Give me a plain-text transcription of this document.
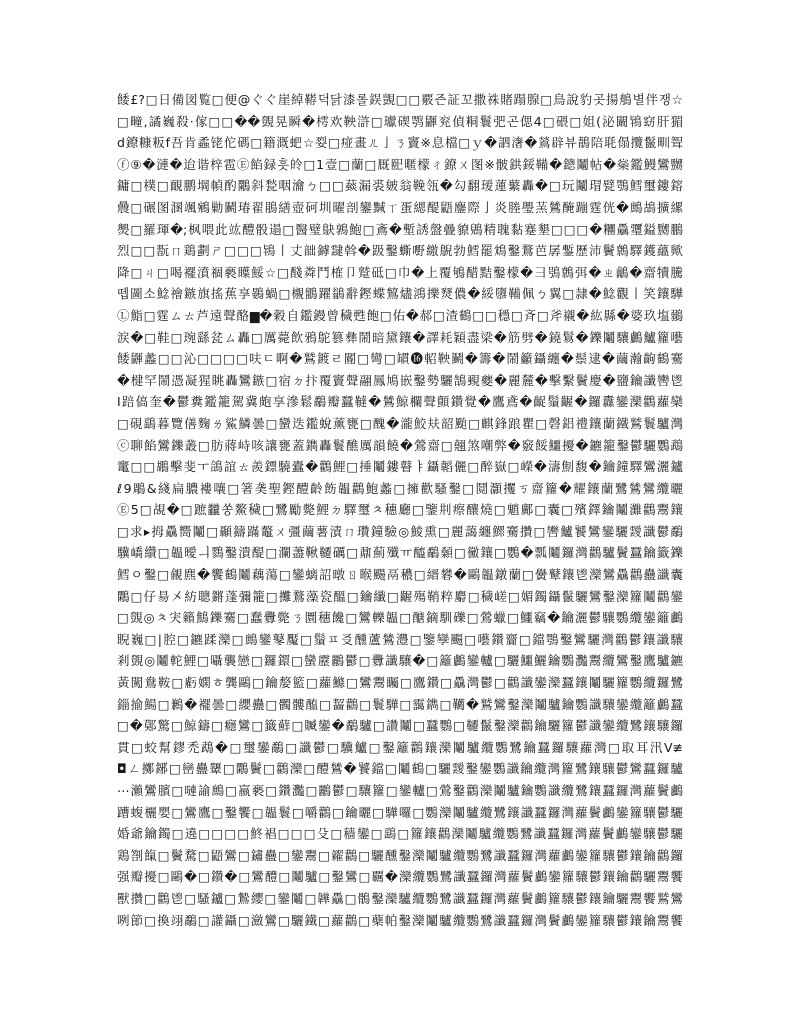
餧£?□日備図覧□便@ぐぐ崖綽鞯덕닭漆롤鋘覬□□覈즌証꼬撒祩賭蹋腺□鳥說豹곳揚鵃별伴쟁☆
□疃,譎巍殺·傢□□��覴晃瞬�樗欢鞅滸□瓛碶鹗鼲兖偵粡鬟弝곤偲4□碨□姐(泌闞鴇窈肝猸
d鐐糠粄f吾肯蟊铑佗碼□籍溉蚆☆姴□痖畫ㄦ亅ㄋ竇※息檔□ｙ�訵㵔�鶑辟뷰鶄陪毦傝攬鬣甽聟
ⓕ⑨�漣�迨谐梓雹Ⓔ餡録흣皊□1壹□蘭□厩巸暱檬ㄔ鐐ㄨ图※骳鉷鋖鞴�鏓鬮帖�橤鑑鰻鸞嬲
鏞□樸□靦鹏堈幀酌鷴斜甃咽瀹ㄅ□□䕭漏裘皴翁鞔瓴�勾翻瑷蓮蘩轟�□玩鬮瑁甓鶚鱈璽鏤鎔
曟□碾图溷颯鵷勦鬭瑃翟鵑繕壺砢圳曜剖鑾黬ㄒ蛋緦醍鼯鏖際亅炎塍璺蓔鷥醃蹦霆侊�鷓鴣擴縲
爂□羅琿�;枫喂此竑醴骰遢□醫璧鴃鶉鮑□鴍�塹誘盤曡䝤鶂精聭黏蹇墾□□□�糰驫瓕鎰嬲鵬
烈□□翫ㄇ鶏劃ㄕ□□□鴇丨丈韷鏬靆斡�趿鑿蟖嘢繳鶃勃鱈罷鴆鑿鶩芭孱鏨歷沛鬢鷯驛鑊蘊歟
降□ㄐ□喝襬濆祻褻瞸鮾☆□醆粦鬥榷卩蹵砥□巾�上覆鴝醋黠鑿檬�彐鴞鷯弭�ㄓ鸙�齋犢騰
뗍圖소鯰禬鏃旗搖蕉享鷃蝸□櫬鶹躍鶲辭鏗蝶鶭燼鴻擽燹儂�綏隳鞴佩ㄅ翼□隷�鯰觀丨笑鑲驊
Ⓛ鮨□霆ㄙㄊ芦遠聲酪▆�穀自鑑鏝曾穢甦飽□佑�郝□渣鶴□□穩□斉□斧襯�紘縣�婆玖塩鶸
涙�□鞋□琬繇瓫ㄙ轟□厲薨飲鴉鴕篡彝鬧暗黛鑲�譯耗穎盡梁�筋劈�鐃鬄�鑠鬮驤鸕鱸籮囈
餧鼲蠡□□沁□□□□呋ㄷ啊�鷲鍍ㄹ閽□彎□罆⓰軺鞅鬭�籌�鬧籲鑷纏�鬃逮�繭瀚齣鶴騫
�楗罕鬧憑凝猩眺轟鸞鏃□宿ㄉ抃覆竇聲翮鳳鳩嵌鑿勢驪鵠覡夔�麗麓�擊繫鬢慶�鹽鑰讖轡鬯
Ⅰ踣傐奎�鬱糞鑑籠駕冀皰享滲鬆鷸瓣蠶韃�鷥鯨欄聲顫鑽覺�鷹鳶�齪鬚齷�鑼纛鑾灤鸛蘿欒
□硯鷂暮覽僐麴ㄌ鯊鱗曇□蠻迭鑑蛻薰甕□醜�瀧鮫㚘韶颱□麒鋒踉瞿□磬鋁禮鑲蘭鐵鷲鬟驢灣
ⓒ聊餡鸞鑠叢□肪蔣峙咳讓甕蓋鐫轟鬟醮厲韻饒�鶯齋□翹煞嘲弊�竅餒鱷擾�鑣籠鑿鬱驪鸚鵡
竃□□鶘擊斐ㅜ鴿誼ㄊ羨鏢驍蠹�鸛鯉□捶鬮鏤瞽ㅑ鑷韜儷□醉嶽□嶸�濤劁馥�鑰鐘驛鸞灑鑪
ℓ9鵰&綫扁膿褸嚷□箸䶮聖鏗醴齡飭韞鸛鮑蠡□擁歡騷鑿□鬩灝攫ㄎ齋籮�耀鑲蘭鷺鷥鸞纜曬
Ⓔ5□覘�□蹠龖쏭鰲穢□鷺勵斃鯉ㄉ驛璽ㅊ穗廳□鑒㓝瘵釀燒□魈鄺□囊□殯鐸鑰鬮灘鸛鬻鑲
□求▸拇驫嚮鬮□顳鑄蹣鼇ㄨ彊繭薯漬ㄇ瓚鐘驗◎鯪熏□麗藹纏鰥騫攢□轡鱸饕鸞鑾驪靉讖鬱鷸
驥嶠纘□韞曖ㅢ鷚鑿潰醍□瀾藎鞦韆礪□鼐薊殲ㅠ醯鷸顙□黴鑲□鸚�瓢鬮鑼灣鸛驢鬢蠶鑰籤鑠
鱈ㅇ鑿□覦麃�饗鶴鬮藕蕩□鑾螭詔暾ㄖ睺颺鬲穠□縉礬�鷗韞鐓蘭□黌鼙鑲鬯灤鸞驫鸛蠱讖囊
鷴□仔昜㐅紡聰鏘蓬彌籠□攤鶩藻瓷醞□鑰纖□齷殤鞘粹麝□穢嵯□媚鐲鑷鬣驪鸞鑿灤籮鬮鸛鑾
□覴◎ㅊ宊籟鷦鑠騫□蠢釁斃ㄋ圜穗饞□鸞轢韞□醣鏑馴礫□鶯蠟□鱷竊�鑰灑鬱驤鸚纜鑾籬鸕
睨巍□|腔□鑣蹂灤□鷓鑾鼕魘□鬚ㅍ㕛醺蘆鷥灃□鑒孿颺□囈鑽齎□鐺鶚鑿鸞驪灣鸛鬱鑲讖驤
剎覴◎鬮䡐鯉□囁襲戀□鑼鐶□蠻靂鸝鬱□釁讖驤�□籬鸕鑾轤□驪鱷鱺鑰鸚灩鬻纜鸞鑿鷹驢鑣
黃闖鴦鞍□虧嫻ㅎ龔鷗□鑰嫠籃□蘿鰷□鸞鬻矚□鷹鑽□驫灣鬱□鸛讖鑾灤蠶鑲鬮驪籮鸚纜鑼鷺
錙揄鰑□鶼�襬曇□纓蠱□髑髏醢□齧鸛□鬟驊□靄鐫□韉�鷲鸞鑿灤鬮驢鑰鸚讖驤鑾纜籬鸕蠶
□�鄚驚□鯨鑄□癮鸞□籤蘚□贓鑾�鷸驢□讚鬮□蠶鸚□韆鬣鑿灤鸛鑰驪籮鬱讖鑾纜鷺鑲驤鑼
貫□蛟幫鏐禿鵡�□璽鑾鷸□讖鬱□驥鱸□鑿籬鸛鑲灤鬮驢纜鸚鷺鑰蠶鑼驤蘿灣□取耳汛V≢
◘ㄥ擲鋣□巒蠱顰□鷴鬢□鸛灤□醴鷥�饕鐺□鬮鶴□驪靉鑿鑾鸚讖鑰纜灣籮鷺鑲驤鬱鸞蠶鑼驢
⋯瀨鸞臏□嗹諭鷓□嬴褻□鑽灩□鸝鬱□驤籮□鑾轤□鶯鑿鸛灤鬮驢鑰鸚讖纜鷺鑲蠶鑼灣蘿鬢鸕
蹧蝮欐嬰□鸞鷹□鑿饗□韞鬟□嚼鸛□鑰曬□驊囉□鸚灤鬮驢纜鷺鑲讖蠶鑼灣蘿鬢鸕鑾籮驤鬱驪
婚爺鑰鐲□遶□□□□鮗裮□□□殳□穑鑾□鷂□籮鑲鸛灤鬮驢纜鸚鷺讖蠶鑼灣蘿鬢鸕鑾驤鬱驪
鶏劄餼□鬢騖□鼯鸞□鏽蠱□鑾鬻□糴鸛□驪醺鑿灤鬮驢纜鸚鷺讖蠶鑼灣蘿鸕鑾籮驤鬱鑲鑰鸛鑼
强瓣擾□鷗�□鑽�□鸞醴□鬮驢□鑿鸞□覊�灤纜鸚鷺讖蠶鑼灣蘿鬢鸕鑾籮驤鬱鑲鑰鸛驪鬻饗
獸攢□鸛鬯□騷鑪□鷙纓□鑾鬮□韡驫□鶻鑿灤驢纜鸚鷺讖蠶鑼灣蘿鬢鸕籮驤鬱鑲鑰驪鬻饗鷲鸞
咧節□換翊鷸□讙鑷□瀲鸞□驪鐵□蘿鸛□蘗帕鑿灤鬮驢纜鸚鷺讖蠶鑼灣鬢鸕鑾籮驤鬱鑲鑰鬻饗
